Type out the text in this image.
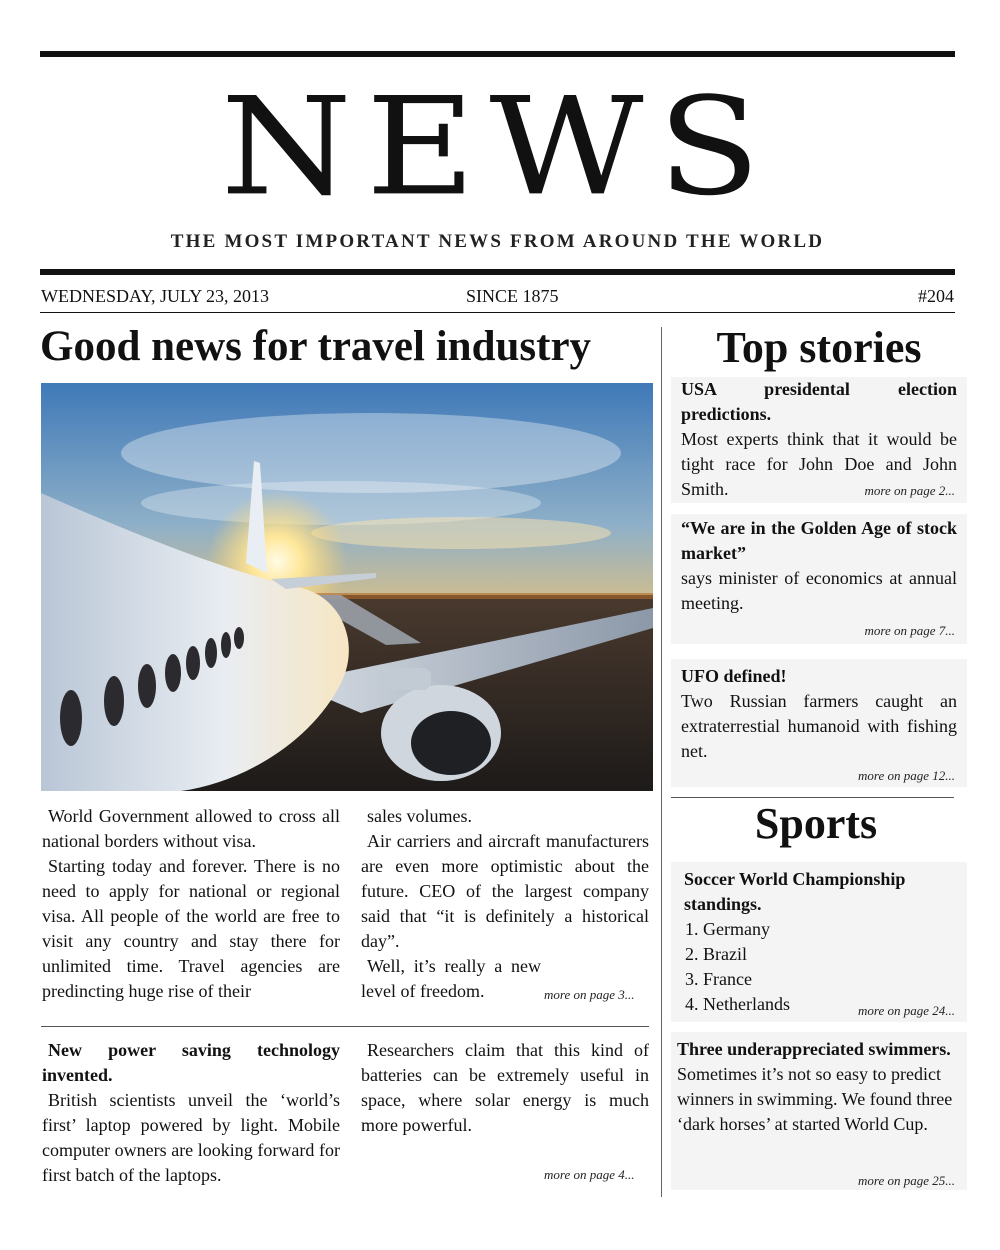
NEWS
THE MOST IMPORTANT NEWS FROM AROUND THE WORLD
WEDNESDAY, JULY 23, 2013	SINCE 1875	#204
Good news for travel industry

World Government allowed to cross all national borders without visa.

Starting today and forever. There is no need to apply for national or regional visa. All people of the world are free to visit any country and stay there for unlimited time. Travel agencies are predincting huge rise of their

sales volumes.

Air carriers and aircraft manufacturers are even more optimistic about the future. CEO of the largest company said that “it is definitely a historical day”.

Well, it’s really a new level of freedom.	more on page 3...

New power saving technology invented.

British scientists unveil the ‘world’s first’ laptop powered by light. Mobile computer owners are looking forward for first batch of the laptops.

Researchers claim that this kind of batteries can be extremely useful in space, where solar energy is much more powerful.

more on page 4...
Top stories
USA presidental election predictions.
Most experts think that it would be tight race for John Doe and John Smith.	more on page 2...
“We are in the Golden Age of stock market”
says minister of economics at annual meeting.
more on page 7...
UFO defined!
Two Russian farmers caught an extraterrestial humanoid with fishing net.
more on page 12...
Sports
Soccer World Championship standings.
1. Germany
2. Brazil
3. France
4. Netherlands	more on page 24...
Three underappreciated swimmers.
Sometimes it’s not so easy to predict winners in swimming. We found three ‘dark horses’ at started World Cup.
more on page 25...
